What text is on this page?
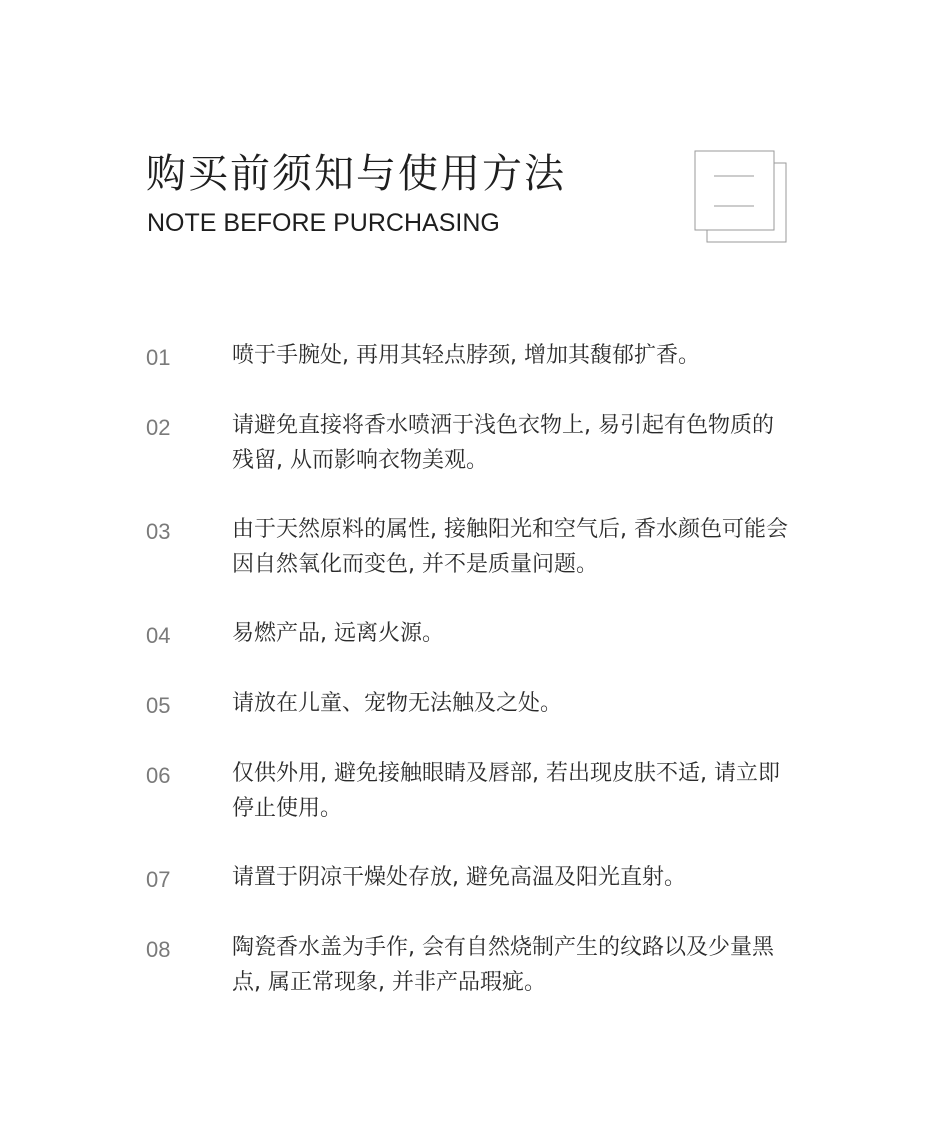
购买前须知与使用方法
NOTE BEFORE PURCHASING
01	喷于手腕处, 再用其轻点脖颈, 增加其馥郁扩香。
02	请避免直接将香水喷洒于浅色衣物上, 易引起有色物质的残留, 从而影响衣物美观。
03	由于天然原料的属性, 接触阳光和空气后, 香水颜色可能会因自然氧化而变色, 并不是质量问题。
04	易燃产品, 远离火源。
05	请放在儿童、宠物无法触及之处。
06	仅供外用, 避免接触眼睛及唇部, 若出现皮肤不适, 请立即停止使用。
07	请置于阴凉干燥处存放, 避免高温及阳光直射。
08	陶瓷香水盖为手作, 会有自然烧制产生的纹路以及少量黑点, 属正常现象, 并非产品瑕疵。
